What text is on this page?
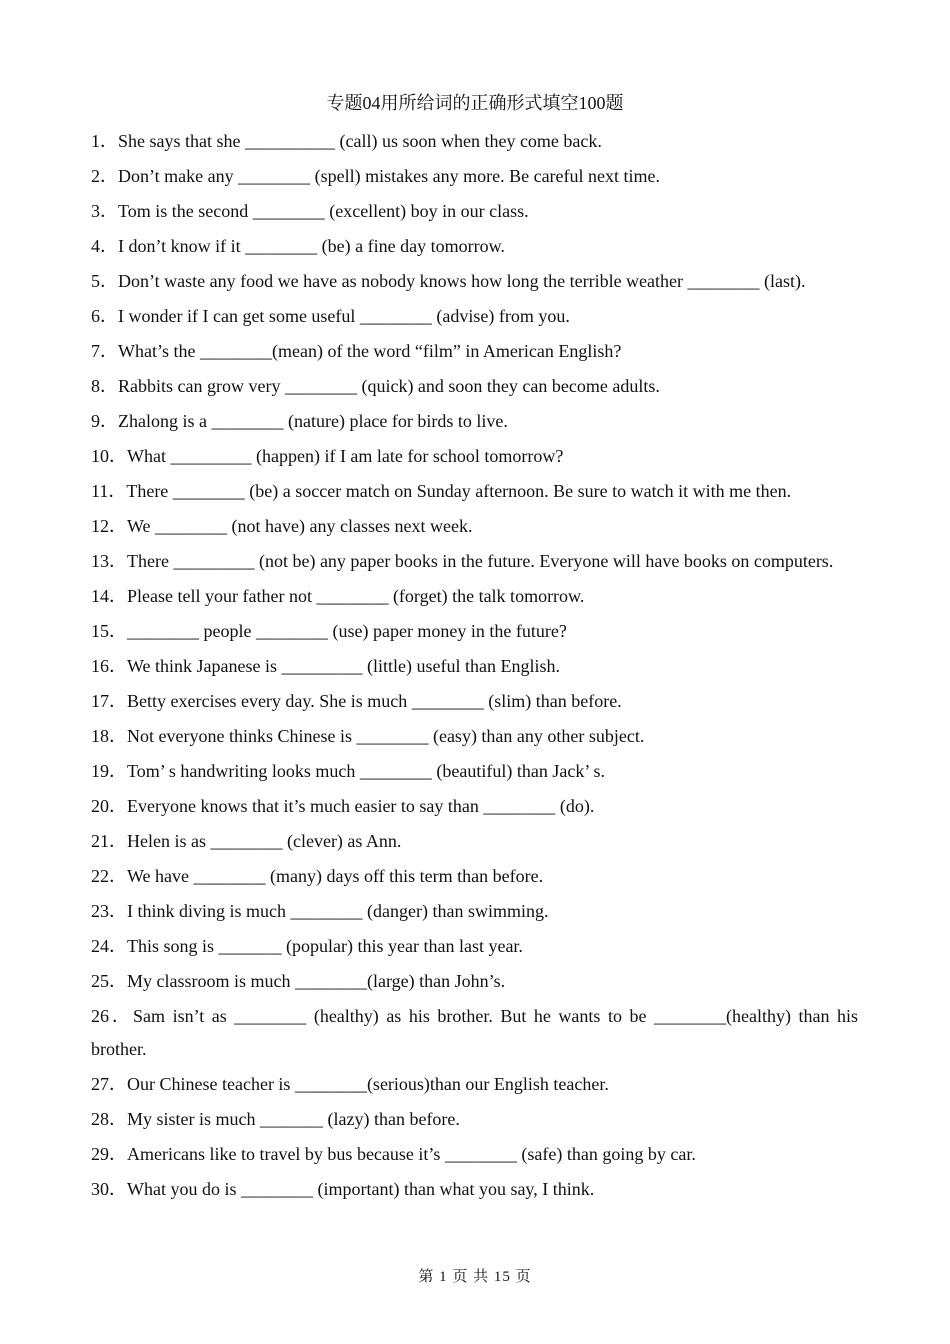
专题04用所给词的正确形式填空100题
1．She says that she __________ (call) us soon when they come back.
2．Don’t make any ________ (spell) mistakes any more. Be careful next time.
3．Tom is the second ________ (excellent) boy in our class.
4．I don’t know if it ________ (be) a fine day tomorrow.
5．Don’t waste any food we have as nobody knows how long the terrible weather ________ (last).
6．I wonder if I can get some useful ________ (advise) from you.
7．What’s the ________(mean) of the word “film” in American English?
8．Rabbits can grow very ________ (quick) and soon they can become adults.
9．Zhalong is a ________ (nature) place for birds to live.
10．What _________ (happen) if I am late for school tomorrow?
11．There ________ (be) a soccer match on Sunday afternoon. Be sure to watch it with me then.
12．We ________ (not have) any classes next week.
13．There _________ (not be) any paper books in the future. Everyone will have books on computers.
14．Please tell your father not ________ (forget) the talk tomorrow.
15．________ people ________ (use) paper money in the future?
16．We think Japanese is _________ (little) useful than English.
17．Betty exercises every day. She is much ________ (slim) than before.
18．Not everyone thinks Chinese is ________ (easy) than any other subject.
19．Tom’ s handwriting looks much ________ (beautiful) than Jack’ s.
20．Everyone knows that it’s much easier to say than ________ (do).
21．Helen is as ________ (clever) as Ann.
22．We have ________ (many) days off this term than before.
23．I think diving is much ________ (danger) than swimming.
24．This song is _______ (popular) this year than last year.
25．My classroom is much ________(large) than John’s.
26．Sam isn’t as ________ (healthy) as his brother. But he wants to be ________(healthy) than his brother.
27．Our Chinese teacher is ________(serious)than our English teacher.
28．My sister is much _______ (lazy) than before.
29．Americans like to travel by bus because it’s ________ (safe) than going by car.
30．What you do is ________ (important) than what you say, I think.
第 1 页 共 15 页
